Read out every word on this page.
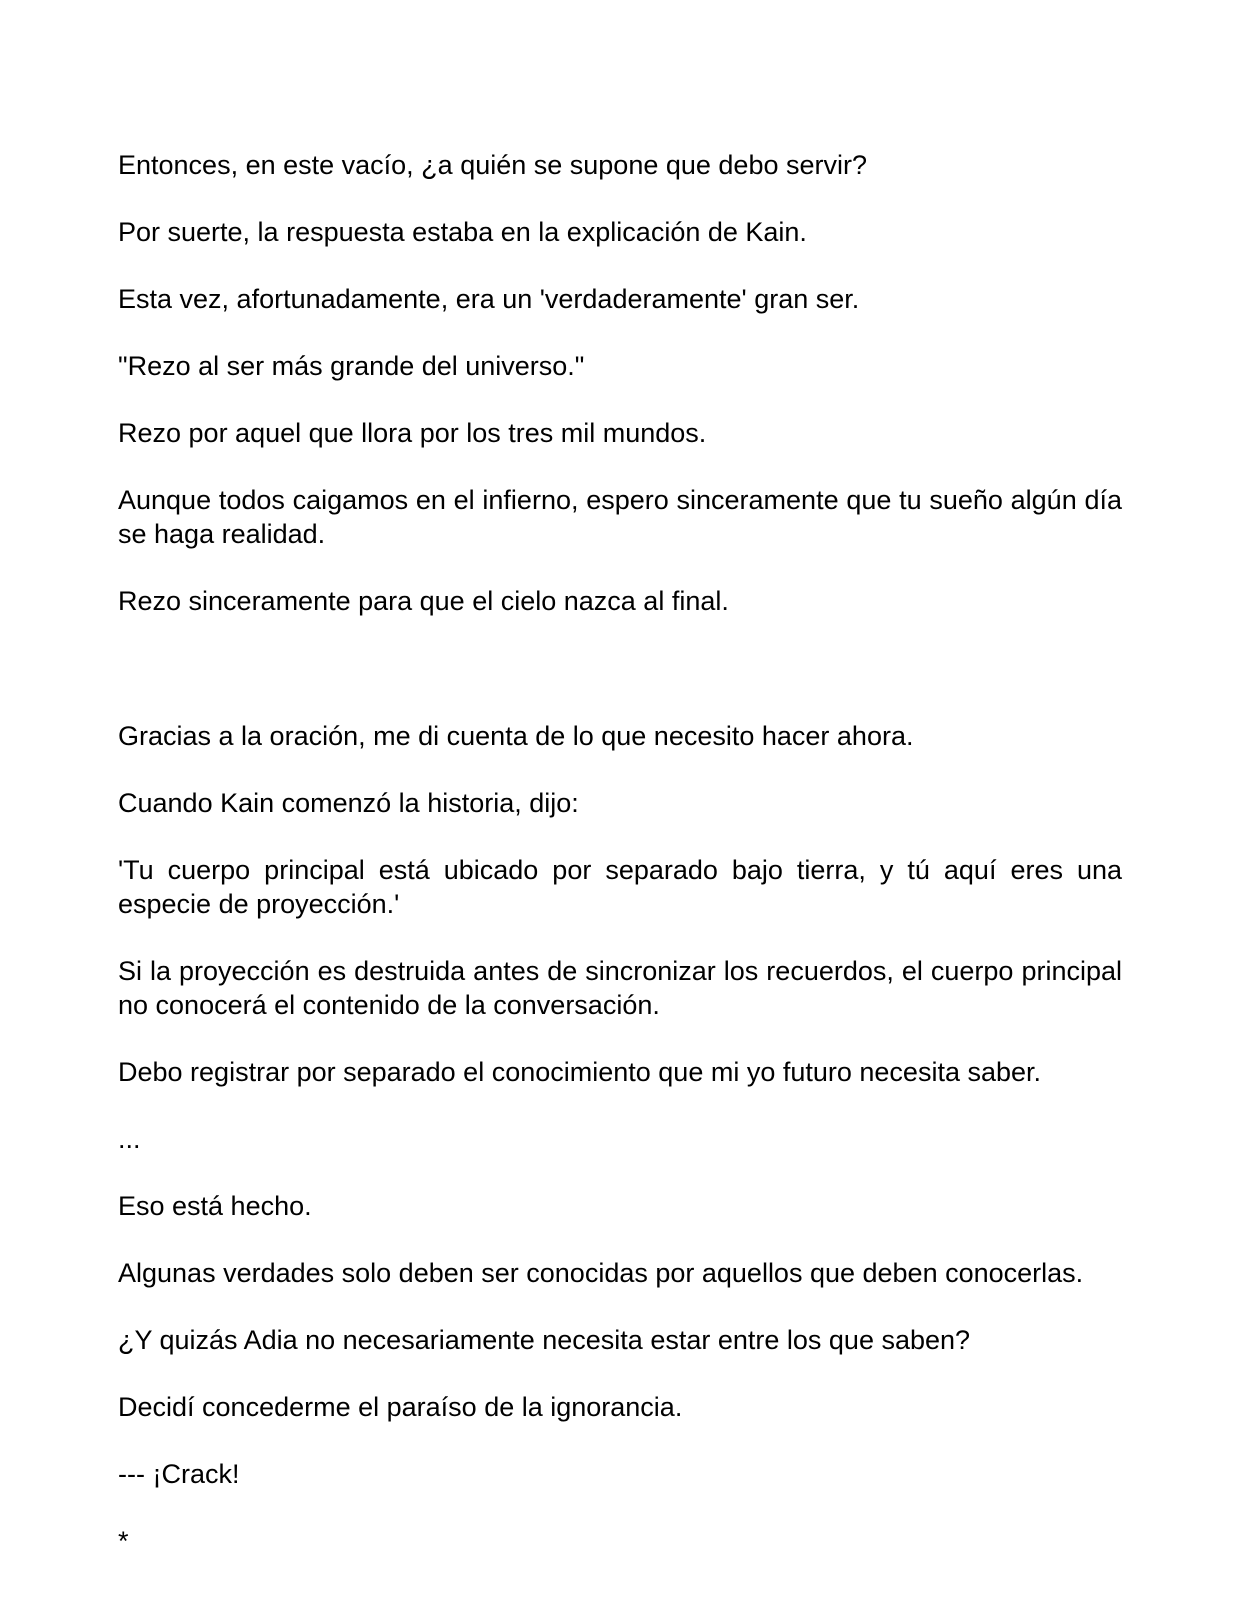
Entonces, en este vacío, ¿a quién se supone que debo servir?

Por suerte, la respuesta estaba en la explicación de Kain.

Esta vez, afortunadamente, era un 'verdaderamente' gran ser.

"Rezo al ser más grande del universo."

Rezo por aquel que llora por los tres mil mundos.

Aunque todos caigamos en el infierno, espero sinceramente que tu sueño algún día se haga realidad.

Rezo sinceramente para que el cielo nazca al final.

Gracias a la oración, me di cuenta de lo que necesito hacer ahora.

Cuando Kain comenzó la historia, dijo:

'Tu cuerpo principal está ubicado por separado bajo tierra, y tú aquí eres una especie de proyección.'

Si la proyección es destruida antes de sincronizar los recuerdos, el cuerpo principal no conocerá el contenido de la conversación.

Debo registrar por separado el conocimiento que mi yo futuro necesita saber.

...

Eso está hecho.

Algunas verdades solo deben ser conocidas por aquellos que deben conocerlas.

¿Y quizás Adia no necesariamente necesita estar entre los que saben?

Decidí concederme el paraíso de la ignorancia.

--- ¡Crack!

*
